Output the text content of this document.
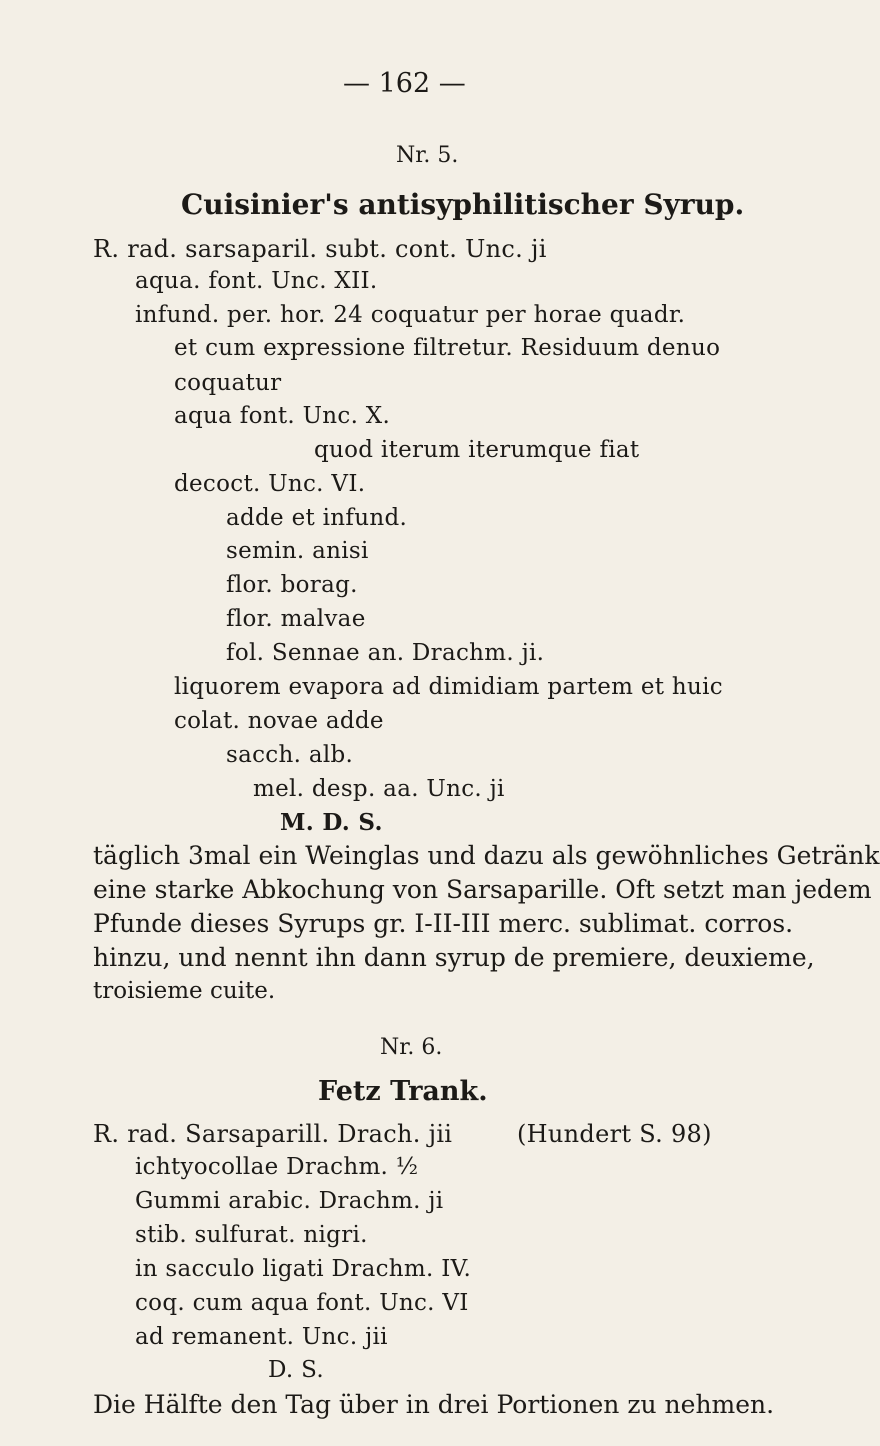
— 162 —
Nr. 5.
Cuisinier's antisyphilitischer Syrup.
R. rad. sarsaparil. subt. cont. Unc. ji
aqua. font. Unc. XII.
infund. per. hor. 24 coquatur per horae quadr.
et cum expressione filtretur. Residuum denuo
coquatur
aqua font. Unc. X.
quod iterum iterumque fiat
decoct. Unc. VI.
adde et infund.
semin. anisi
flor. borag.
flor. malvae
fol. Sennae an. Drachm. ji.
liquorem evapora ad dimidiam partem et huic
colat. novae adde
sacch. alb.
mel. desp. aa. Unc. ji
M. D. S.
täglich 3mal ein Weinglas und dazu als gewöhnliches Getränk
eine starke Abkochung von Sarsaparille. Oft setzt man jedem
Pfunde dieses Syrups gr. I-II-III merc. sublimat. corros.
hinzu, und nennt ihn dann syrup de premiere, deuxieme,
troisieme cuite.
Nr. 6.
Fetz Trank.
R. rad. Sarsaparill. Drach. jii	(Hundert S. 98)
ichtyocollae Drachm. ½
Gummi arabic. Drachm. ji
stib. sulfurat. nigri.
in sacculo ligati Drachm. IV.
coq. cum aqua font. Unc. VI
ad remanent. Unc. jii
D. S.
Die Hälfte den Tag über in drei Portionen zu nehmen.
